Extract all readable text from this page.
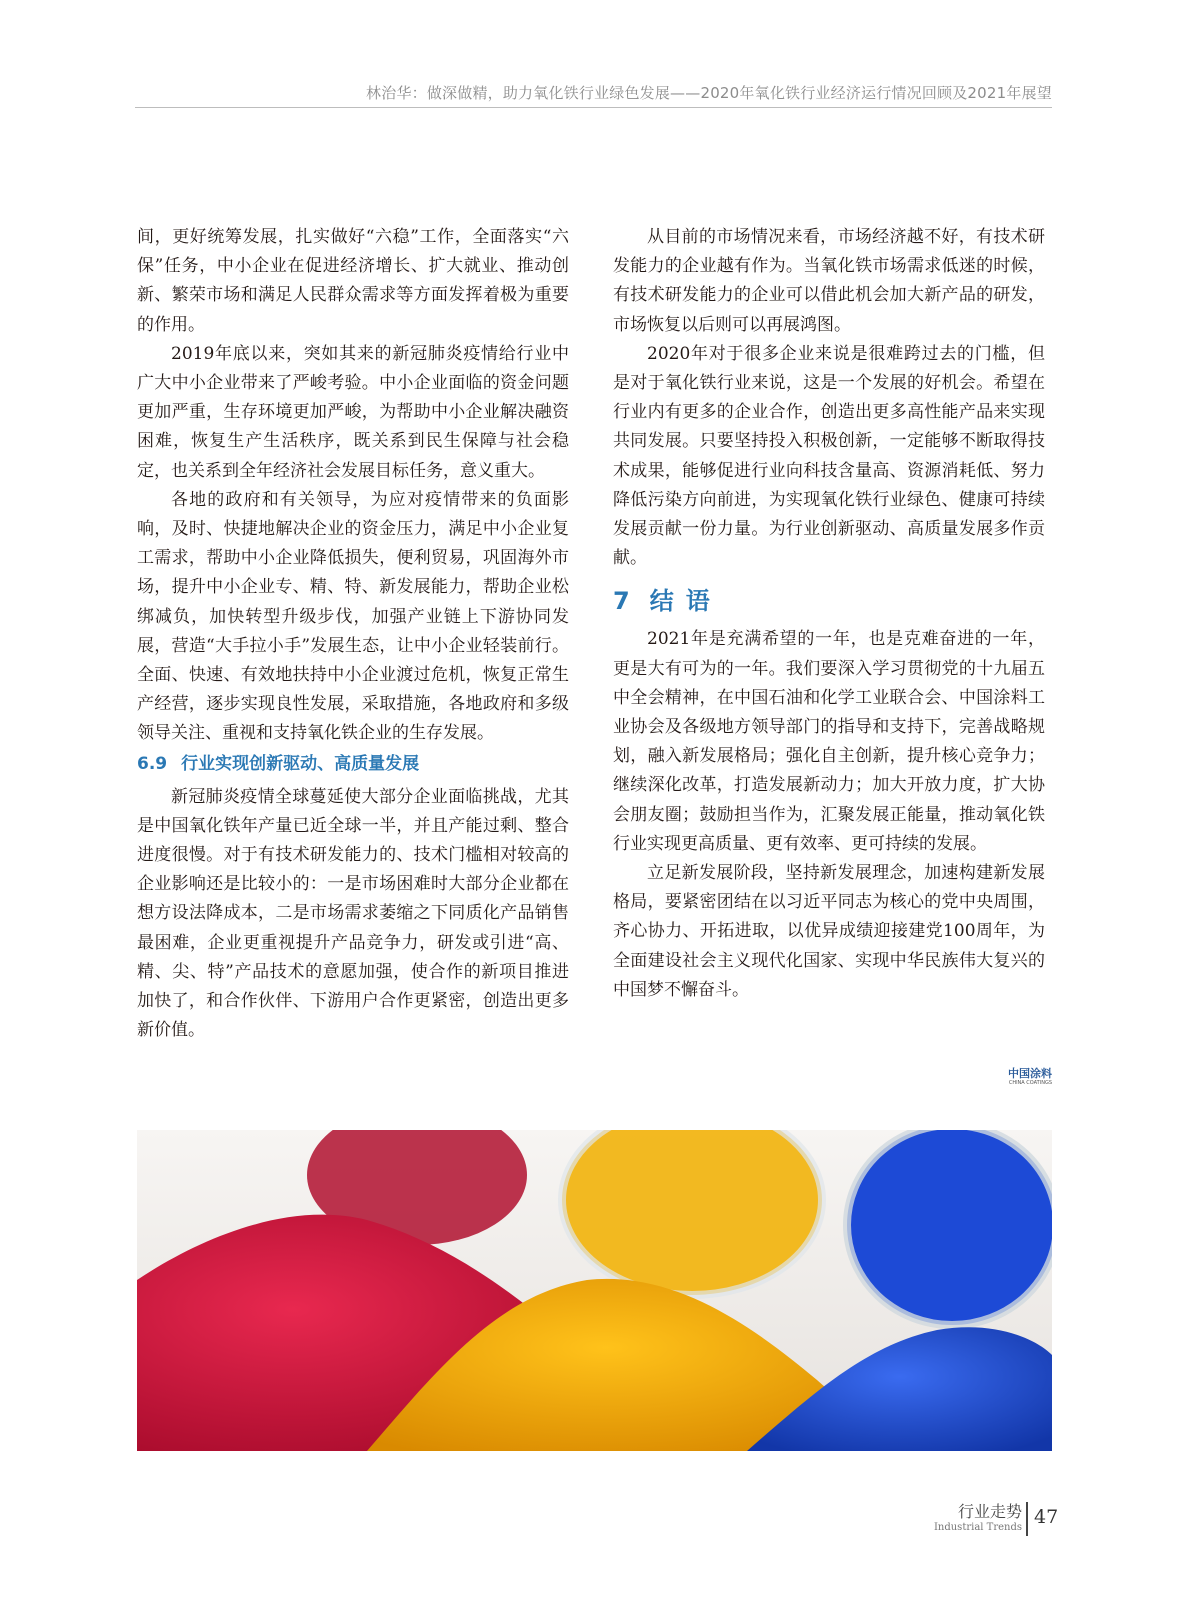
林治华：做深做精，助力氧化铁行业绿色发展——2020年氧化铁行业经济运行情况回顾及2021年展望

间，更好统筹发展，扎实做好“六稳”工作，全面落实“六保”任务，中小企业在促进经济增长、扩大就业、推动创新、繁荣市场和满足人民群众需求等方面发挥着极为重要的作用。

2019年底以来，突如其来的新冠肺炎疫情给行业中广大中小企业带来了严峻考验。中小企业面临的资金问题更加严重，生存环境更加严峻，为帮助中小企业解决融资困难，恢复生产生活秩序，既关系到民生保障与社会稳定，也关系到全年经济社会发展目标任务，意义重大。

各地的政府和有关领导，为应对疫情带来的负面影响，及时、快捷地解决企业的资金压力，满足中小企业复工需求，帮助中小企业降低损失，便利贸易，巩固海外市场，提升中小企业专、精、特、新发展能力，帮助企业松绑减负，加快转型升级步伐，加强产业链上下游协同发展，营造“大手拉小手”发展生态，让中小企业轻装前行。全面、快速、有效地扶持中小企业渡过危机，恢复正常生产经营，逐步实现良性发展，采取措施，各地政府和多级领导关注、重视和支持氧化铁企业的生存发展。

6.9 行业实现创新驱动、高质量发展

新冠肺炎疫情全球蔓延使大部分企业面临挑战，尤其是中国氧化铁年产量已近全球一半，并且产能过剩、整合进度很慢。对于有技术研发能力的、技术门槛相对较高的企业影响还是比较小的：一是市场困难时大部分企业都在想方设法降成本，二是市场需求萎缩之下同质化产品销售最困难，企业更重视提升产品竞争力，研发或引进“高、精、尖、特”产品技术的意愿加强，使合作的新项目推进加快了，和合作伙伴、下游用户合作更紧密，创造出更多新价值。

从目前的市场情况来看，市场经济越不好，有技术研发能力的企业越有作为。当氧化铁市场需求低迷的时候，有技术研发能力的企业可以借此机会加大新产品的研发，市场恢复以后则可以再展鸿图。

2020年对于很多企业来说是很难跨过去的门槛，但是对于氧化铁行业来说，这是一个发展的好机会。希望在行业内有更多的企业合作，创造出更多高性能产品来实现共同发展。只要坚持投入积极创新，一定能够不断取得技术成果，能够促进行业向科技含量高、资源消耗低、努力降低污染方向前进，为实现氧化铁行业绿色、健康可持续发展贡献一份力量。为行业创新驱动、高质量发展多作贡献。

7 结语

2021年是充满希望的一年，也是克难奋进的一年，更是大有可为的一年。我们要深入学习贯彻党的十九届五中全会精神，在中国石油和化学工业联合会、中国涂料工业协会及各级地方领导部门的指导和支持下，完善战略规划，融入新发展格局；强化自主创新，提升核心竞争力；继续深化改革，打造发展新动力；加大开放力度，扩大协会朋友圈；鼓励担当作为，汇聚发展正能量，推动氧化铁行业实现更高质量、更有效率、更可持续的发展。

立足新发展阶段，坚持新发展理念，加速构建新发展格局，要紧密团结在以习近平同志为核心的党中央周围，齐心协力、开拓进取，以优异成绩迎接建党100周年，为全面建设社会主义现代化国家、实现中华民族伟大复兴的中国梦不懈奋斗。

中国涂料
CHINA COATINGS
行业走势
Industrial Trends 47
